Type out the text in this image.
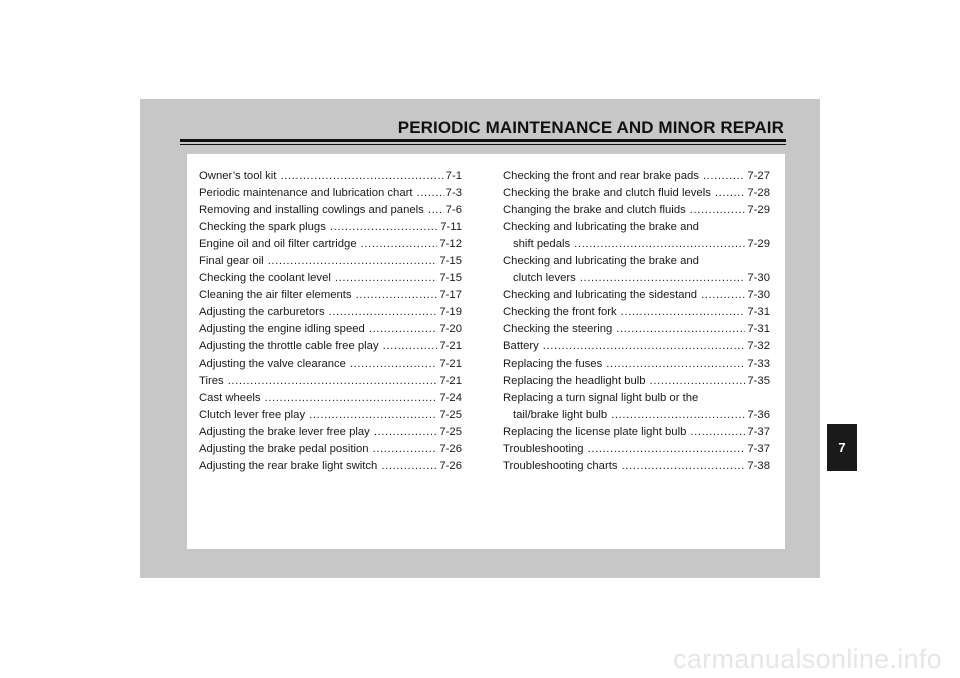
PERIODIC MAINTENANCE AND MINOR REPAIR
Owner’s tool kit .....	7-1
Periodic maintenance and lubrication chart .....	7-3
Removing and installing cowlings and panels ..... 7-6
Checking the spark plugs .....	7-11
Engine oil and oil filter cartridge .....	7-12
Final gear oil .....	7-15
Checking the coolant level .....	7-15
Cleaning the air filter elements .....	7-17
Adjusting the carburetors .....	7-19
Adjusting the engine idling speed .....	7-20
Adjusting the throttle cable free play .....	7-21
Adjusting the valve clearance .....	7-21
Tires .....	7-21
Cast wheels .....	7-24
Clutch lever free play .....	7-25
Adjusting the brake lever free play .....	7-25
Adjusting the brake pedal position .....	7-26
Adjusting the rear brake light switch .....	7-26
Checking the front and rear brake pads .....	7-27
Checking the brake and clutch fluid levels .....	7-28
Changing the brake and clutch fluids .....	7-29
Checking and lubricating the brake and
shift pedals .....	7-29
Checking and lubricating the brake and
clutch levers .....	7-30
Checking and lubricating the sidestand .....	7-30
Checking the front fork .....	7-31
Checking the steering .....	7-31
Battery .....	7-32
Replacing the fuses .....	7-33
Replacing the headlight bulb .....	7-35
Replacing a turn signal light bulb or the
tail/brake light bulb .....	7-36
Replacing the license plate light bulb .....	7-37
Troubleshooting .....	7-37
Troubleshooting charts .....	7-38
7
carmanualsonline.info
